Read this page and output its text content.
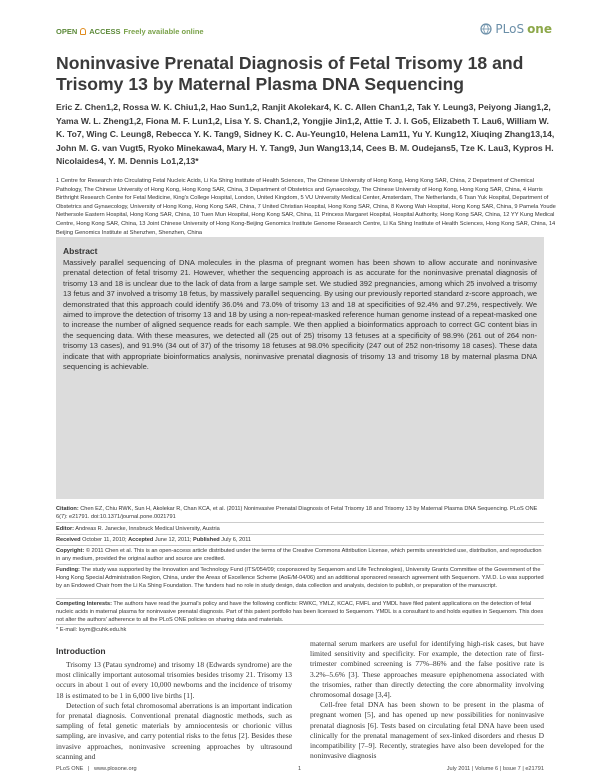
OPEN ACCESS Freely available online	PLoS one
Noninvasive Prenatal Diagnosis of Fetal Trisomy 18 and Trisomy 13 by Maternal Plasma DNA Sequencing
Eric Z. Chen1,2, Rossa W. K. Chiu1,2, Hao Sun1,2, Ranjit Akolekar4, K. C. Allen Chan1,2, Tak Y. Leung3, Peiyong Jiang1,2, Yama W. L. Zheng1,2, Fiona M. F. Lun1,2, Lisa Y. S. Chan1,2, Yongjie Jin1,2, Attie T. J. I. Go5, Elizabeth T. Lau6, William W. K. To7, Wing C. Leung8, Rebecca Y. K. Tang9, Sidney K. C. Au-Yeung10, Helena Lam11, Yu Y. Kung12, Xiuqing Zhang13,14, John M. G. van Vugt5, Ryoko Minekawa4, Mary H. Y. Tang9, Jun Wang13,14, Cees B. M. Oudejans5, Tze K. Lau3, Kypros H. Nicolaides4, Y. M. Dennis Lo1,2,13*
1 Centre for Research into Circulating Fetal Nucleic Acids, Li Ka Shing Institute of Health Sciences, The Chinese University of Hong Kong, Hong Kong SAR, China, 2 Department of Chemical Pathology, The Chinese University of Hong Kong, Hong Kong SAR, China, 3 Department of Obstetrics and Gynaecology, The Chinese University of Hong Kong, Hong Kong SAR, China, 4 Harris Birthright Research Centre for Fetal Medicine, King's College Hospital, London, United Kingdom, 5 VU University Medical Center, Amsterdam, The Netherlands, 6 Tsan Yuk Hospital, Department of Obstetrics and Gynaecology, University of Hong Kong, Hong Kong SAR, China, 7 United Christian Hospital, Hong Kong SAR, China, 8 Kwong Wah Hospital, Hong Kong SAR, China, 9 Pamela Youde Nethersole Eastern Hospital, Hong Kong SAR, China, 10 Tuen Mun Hospital, Hong Kong SAR, China, 11 Princess Margaret Hospital, Hospital Authority, Hong Kong SAR, China, 12 YY Kung Medical Centre, Hong Kong SAR, China, 13 Joint Chinese University of Hong Kong-Beijing Genomics Institute Genome Research Centre, Li Ka Shing Institute of Health Sciences, Hong Kong SAR, China, 14 Beijing Genomics Institute at Shenzhen, Shenzhen, China
Abstract
Massively parallel sequencing of DNA molecules in the plasma of pregnant women has been shown to allow accurate and noninvasive prenatal detection of fetal trisomy 21. However, whether the sequencing approach is as accurate for the noninvasive prenatal diagnosis of trisomy 13 and 18 is unclear due to the lack of data from a large sample set. We studied 392 pregnancies, among which 25 involved a trisomy 13 fetus and 37 involved a trisomy 18 fetus, by massively parallel sequencing. By using our previously reported standard z-score approach, we demonstrated that this approach could identify 36.0% and 73.0% of trisomy 13 and 18 at specificities of 92.4% and 97.2%, respectively. We aimed to improve the detection of trisomy 13 and 18 by using a non-repeat-masked reference human genome instead of a repeat-masked one to increase the number of aligned sequence reads for each sample. We then applied a bioinformatics approach to correct GC content bias in the sequencing data. With these measures, we detected all (25 out of 25) trisomy 13 fetuses at a specificity of 98.9% (261 out of 264 non-trisomy 13 cases), and 91.9% (34 out of 37) of the trisomy 18 fetuses at 98.0% specificity (247 out of 252 non-trisomy 18 cases). These data indicate that with appropriate bioinformatics analysis, noninvasive prenatal diagnosis of trisomy 13 and trisomy 18 by maternal plasma DNA sequencing is achievable.
Citation: Chen EZ, Chiu RWK, Sun H, Akolekar R, Chan KCA, et al. (2011) Noninvasive Prenatal Diagnosis of Fetal Trisomy 18 and Trisomy 13 by Maternal Plasma DNA Sequencing. PLoS ONE 6(7): e21791. doi:10.1371/journal.pone.0021791
Editor: Andreas R. Janecke, Innsbruck Medical University, Austria
Received October 11, 2010; Accepted June 12, 2011; Published July 6, 2011
Copyright: © 2011 Chen et al. This is an open-access article distributed under the terms of the Creative Commons Attribution License, which permits unrestricted use, distribution, and reproduction in any medium, provided the original author and source are credited.
Funding: The study was supported by the Innovation and Technology Fund (ITS/054/09; cosponsored by Sequenom and Life Technologies), University Grants Committee of the Government of the Hong Kong Special Administration Region, China, under the Areas of Excellence Scheme (AoE/M-04/06) and an additional sponsored research agreement with Sequenom. Y.M.D. Lo was supported by an Endowed Chair from the Li Ka Shing Foundation. The funders had no role in study design, data collection and analysis, decision to publish, or preparation of the manuscript.
Competing Interests: The authors have read the journal's policy and have the following conflicts: RWKC, YMLZ, KCAC, FMFL and YMDL have filed patent applications on the detection of fetal nucleic acids in maternal plasma for noninvasive prenatal diagnosis. Part of this patent portfolio has been licensed to Sequenom. YMDL is a consultant to and holds equities in Sequenom. This does not alter the authors' adherence to all the PLoS ONE policies on sharing data and materials.
* E-mail: loym@cuhk.edu.hk
Introduction

Trisomy 13 (Patau syndrome) and trisomy 18 (Edwards syndrome) are the most clinically important autosomal trisomies besides trisomy 21. Trisomy 13 occurs in about 1 out of every 10,000 newborns and the incidence of trisomy 18 is estimated to be 1 in 6,000 live births [1].

Detection of such fetal chromosomal aberrations is an important indication for prenatal diagnosis. Conventional prenatal diagnostic methods, such as sampling of fetal genetic materials by amniocentesis or chorionic villus sampling, are invasive, and carry potential risks to the fetus [2]. Besides these invasive approaches, noninvasive screening approaches by ultrasound scanning and

maternal serum markers are useful for identifying high-risk cases, but have limited sensitivity and specificity. For example, the detection rate of first-trimester combined screening is 77%–86% and the false positive rate is 3.2%–5.6% [3]. These approaches measure epiphenomena associated with the trisomies, rather than directly detecting the core abnormality involving chromosomal dosage [3,4].

Cell-free fetal DNA has been shown to be present in the plasma of pregnant women [5], and has opened up new possibilities for noninvasive prenatal diagnosis [6]. Tests based on circulating fetal DNA have been used clinically for the prenatal management of sex-linked disorders and rhesus D incompatibility [7–9]. Recently, strategies have also been developed for the noninvasive diagnosis

PLoS ONE | www.plosone.org	1	July 2011 | Volume 6 | Issue 7 | e21791
